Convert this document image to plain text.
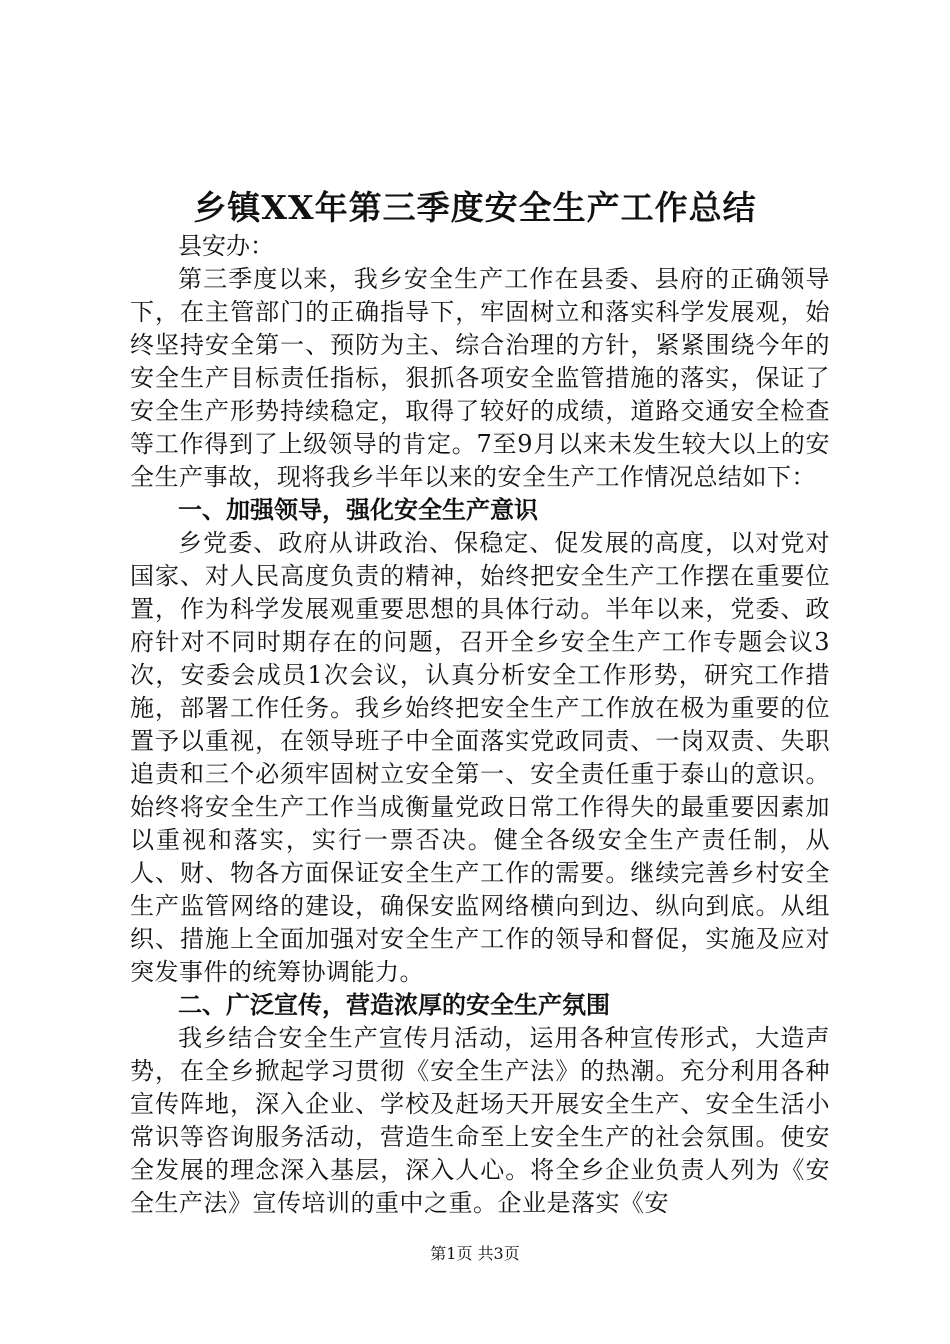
乡镇XX年第三季度安全生产工作总结

县安办：

第三季度以来，我乡安全生产工作在县委、县府的正确领导下，在主管部门的正确指导下，牢固树立和落实科学发展观，始终坚持安全第一、预防为主、综合治理的方针，紧紧围绕今年的安全生产目标责任指标，狠抓各项安全监管措施的落实，保证了安全生产形势持续稳定，取得了较好的成绩，道路交通安全检查等工作得到了上级领导的肯定。7至9月以来未发生较大以上的安全生产事故，现将我乡半年以来的安全生产工作情况总结如下：

一、加强领导，强化安全生产意识

乡党委、政府从讲政治、保稳定、促发展的高度，以对党对国家、对人民高度负责的精神，始终把安全生产工作摆在重要位置，作为科学发展观重要思想的具体行动。半年以来，党委、政府针对不同时期存在的问题，召开全乡安全生产工作专题会议3次，安委会成员1次会议，认真分析安全工作形势，研究工作措施，部署工作任务。我乡始终把安全生产工作放在极为重要的位置予以重视，在领导班子中全面落实党政同责、一岗双责、失职追责和三个必须牢固树立安全第一、安全责任重于泰山的意识。始终将安全生产工作当成衡量党政日常工作得失的最重要因素加以重视和落实，实行一票否决。健全各级安全生产责任制，从人、财、物各方面保证安全生产工作的需要。继续完善乡村安全生产监管网络的建设，确保安监网络横向到边、纵向到底。从组织、措施上全面加强对安全生产工作的领导和督促，实施及应对突发事件的统筹协调能力。

二、广泛宣传，营造浓厚的安全生产氛围

我乡结合安全生产宣传月活动，运用各种宣传形式，大造声势，在全乡掀起学习贯彻《安全生产法》的热潮。充分利用各种宣传阵地，深入企业、学校及赶场天开展安全生产、安全生活小常识等咨询服务活动，营造生命至上安全生产的社会氛围。使安全发展的理念深入基层，深入人心。将全乡企业负责人列为《安全生产法》宣传培训的重中之重。企业是落实《安

第1页 共3页
